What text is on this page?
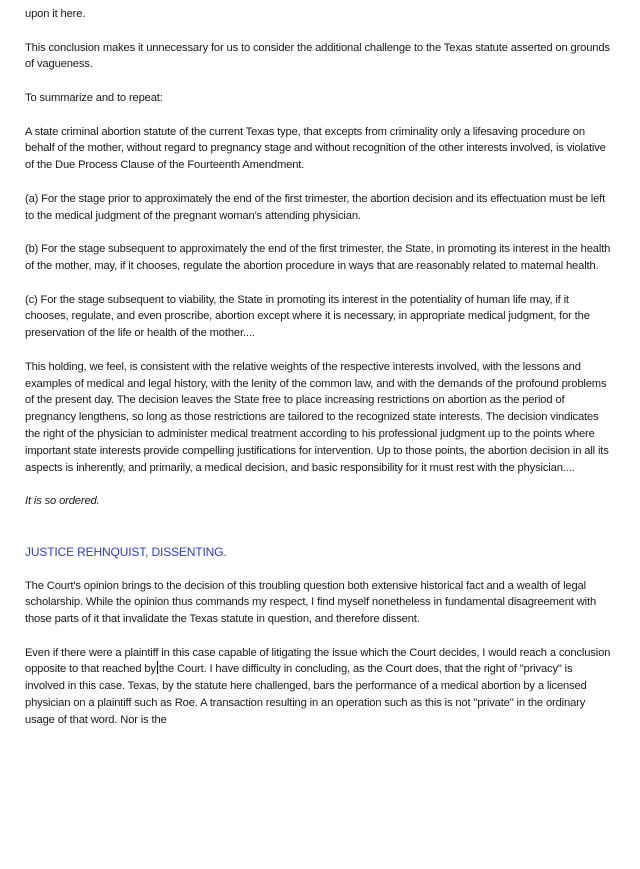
upon it here.

This conclusion makes it unnecessary for us to consider the additional challenge to the Texas statute asserted on grounds of vagueness.

To summarize and to repeat:

A state criminal abortion statute of the current Texas type, that excepts from criminality only a lifesaving procedure on behalf of the mother, without regard to pregnancy stage and without recognition of the other interests involved, is violative of the Due Process Clause of the Fourteenth Amendment.

(a) For the stage prior to approximately the end of the first trimester, the abortion decision and its effectuation must be left to the medical judgment of the pregnant woman's attending physician.

(b) For the stage subsequent to approximately the end of the first trimester, the State, in promoting its interest in the health of the mother, may, if it chooses, regulate the abortion procedure in ways that are reasonably related to maternal health.

(c) For the stage subsequent to viability, the State in promoting its interest in the potentiality of human life may, if it chooses, regulate, and even proscribe, abortion except where it is necessary, in appropriate medical judgment, for the preservation of the life or health of the mother....

This holding, we feel, is consistent with the relative weights of the respective interests involved, with the lessons and examples of medical and legal history, with the lenity of the common law, and with the demands of the profound problems of the present day. The decision leaves the State free to place increasing restrictions on abortion as the period of pregnancy lengthens, so long as those restrictions are tailored to the recognized state interests. The decision vindicates the right of the physician to administer medical treatment according to his professional judgment up to the points where important state interests provide compelling justifications for intervention. Up to those points, the abortion decision in all its aspects is inherently, and primarily, a medical decision, and basic responsibility for it must rest with the physician....

It is so ordered.

JUSTICE REHNQUIST, DISSENTING.

The Court's opinion brings to the decision of this troubling question both extensive historical fact and a wealth of legal scholarship. While the opinion thus commands my respect, I find myself nonetheless in fundamental disagreement with those parts of it that invalidate the Texas statute in question, and therefore dissent.

Even if there were a plaintiff in this case capable of litigating the issue which the Court decides, I would reach a conclusion opposite to that reached by the Court. I have difficulty in concluding, as the Court does, that the right of "privacy" is involved in this case. Texas, by the statute here challenged, bars the performance of a medical abortion by a licensed physician on a plaintiff such as Roe. A transaction resulting in an operation such as this is not "private" in the ordinary usage of that word. Nor is the
